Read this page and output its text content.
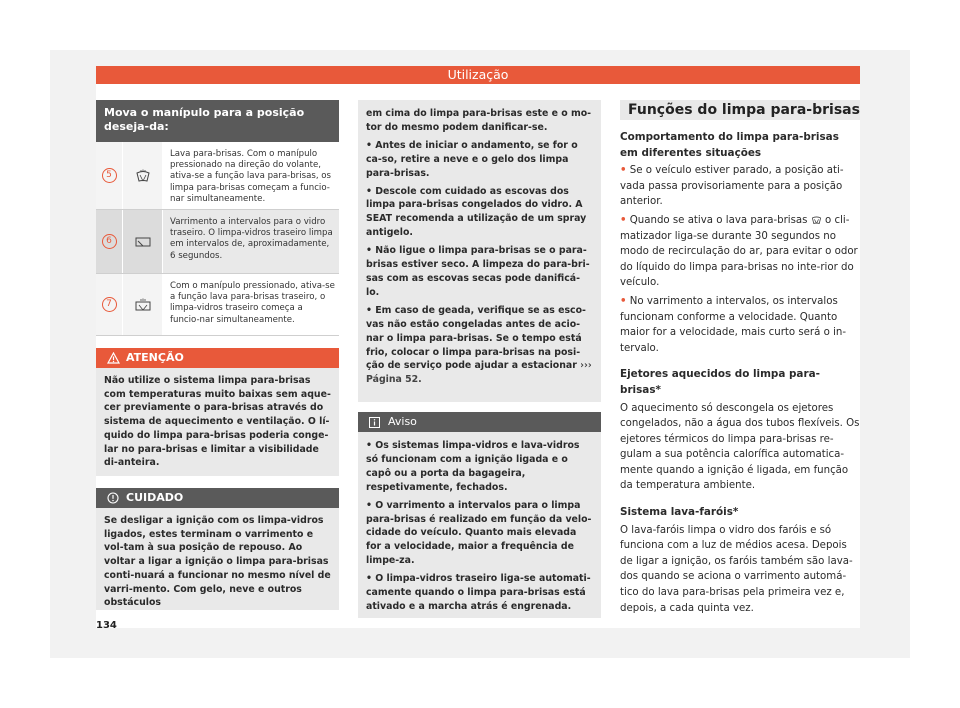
Utilização
Mova o manípulo para a posição deseja-da:
5
Lava para-brisas. Com o manípulo pressionado na direção do volante, ativa-se a função lava para-brisas, os limpa para-brisas começam a funcio-nar simultaneamente.
6
Varrimento a intervalos para o vidro traseiro. O limpa-vidros traseiro limpa em intervalos de, aproximadamente, 6 segundos.
7
Com o manípulo pressionado, ativa-se a função lava para-brisas traseiro, o limpa-vidros traseiro começa a funcio-nar simultaneamente.
ATENÇÃO
Não utilize o sistema limpa para-brisas com temperaturas muito baixas sem aque-cer previamente o para-brisas através do sistema de aquecimento e ventilação. O lí-quido do limpa para-brisas poderia conge-lar no para-brisas e limitar a visibilidade di-anteira.
CUIDADO
Se desligar a ignição com os limpa-vidros ligados, estes terminam o varrimento e vol-tam à sua posição de repouso. Ao voltar a ligar a ignição o limpa para-brisas conti-nuará a funcionar no mesmo nível de varri-mento. Com gelo, neve e outros obstáculos

em cima do limpa para-brisas este e o mo-tor do mesmo podem danificar-se.

• Antes de iniciar o andamento, se for o ca-so, retire a neve e o gelo dos limpa para-brisas.

• Descole com cuidado as escovas dos limpa para-brisas congelados do vidro. A SEAT recomenda a utilização de um spray antigelo.

• Não ligue o limpa para-brisas se o para-brisas estiver seco. A limpeza do para-bri-sas com as escovas secas pode danificá-lo.

• Em caso de geada, verifique se as esco-vas não estão congeladas antes de acio-nar o limpa para-brisas. Se o tempo está frio, colocar o limpa para-brisas na posi-ção de serviço pode ajudar a estacionar ››› Página 52.

Aviso

• Os sistemas limpa-vidros e lava-vidros só funcionam com a ignição ligada e o capô ou a porta da bagageira, respetivamente, fechados.

• O varrimento a intervalos para o limpa para-brisas é realizado em função da velo-cidade do veículo. Quanto mais elevada for a velocidade, maior a frequência de limpe-za.

• O limpa-vidros traseiro liga-se automati-camente quando o limpa para-brisas está ativado e a marcha atrás é engrenada.

Funções do limpa para-brisas
Comportamento do limpa para-brisas em diferentes situações

• Se o veículo estiver parado, a posição ati-vada passa provisoriamente para a posição anterior.

• Quando se ativa o lava para-brisas o cli-matizador liga-se durante 30 segundos no modo de recirculação do ar, para evitar o odor do líquido do limpa para-brisas no inte-rior do veículo.

• No varrimento a intervalos, os intervalos funcionam conforme a velocidade. Quanto maior for a velocidade, mais curto será o in-tervalo.

Ejetores aquecidos do limpa para-brisas*

O aquecimento só descongela os ejetores congelados, não a água dos tubos flexíveis. Os ejetores térmicos do limpa para-brisas re-gulam a sua potência calorífica automatica-mente quando a ignição é ligada, em função da temperatura ambiente.

Sistema lava-faróis*

O lava-faróis limpa o vidro dos faróis e só funciona com a luz de médios acesa. Depois de ligar a ignição, os faróis também são lava-dos quando se aciona o varrimento automá-tico do lava para-brisas pela primeira vez e, depois, a cada quinta vez.

134
